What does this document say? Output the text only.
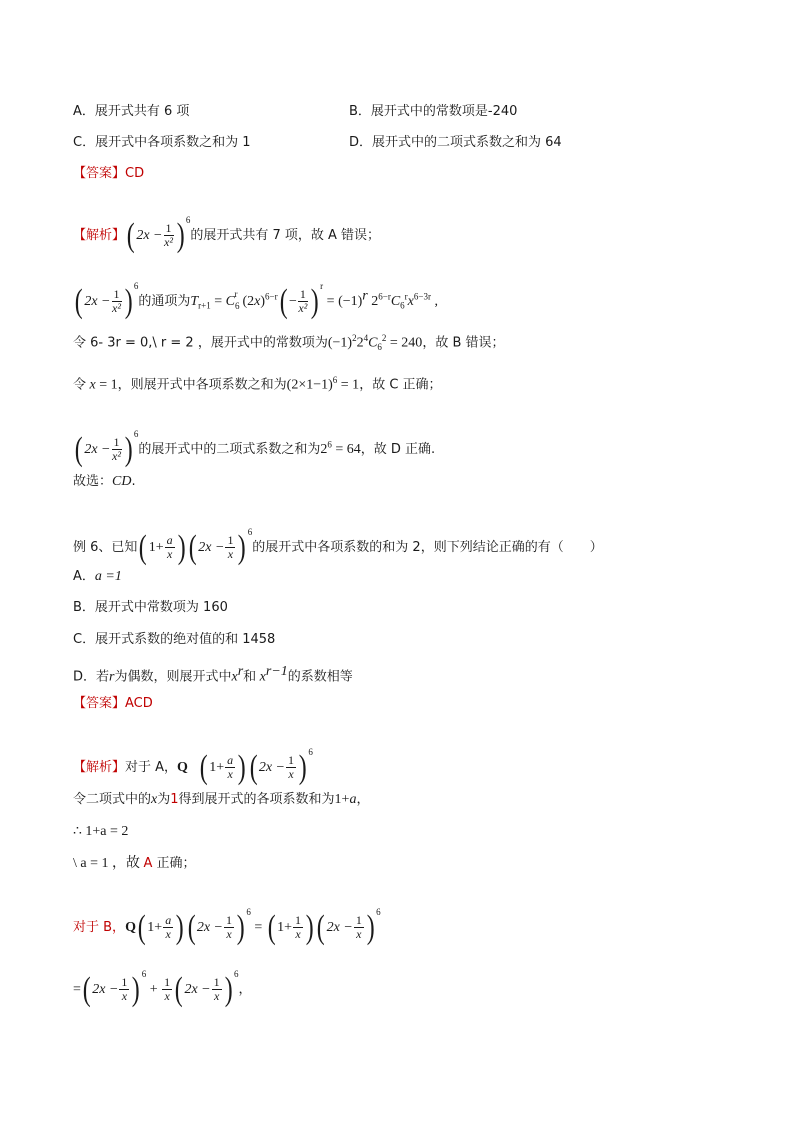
A．展开式共有 6 项	B．展开式中的常数项是-240
C．展开式中各项系数之和为 1	D．展开式中的二项式系数之和为 64
【答案】CD
【解析】( $2x - \frac{1}{\text{x²}}$ ) $^6$的展开式共有 7 项，故 A 错误；
( $2x - \frac{1}{\text{x²}}$ ) $^6$的通项为$T_{r+1} = C_6^r$ $(2x)^{6-r}( - \frac{1}{\text{x²}}$ ) $^r = (-1)^r$ $2^{6-r}C_6^rx^{6-3r}$ ,
令 6- 3r = 0,\ r = 2 ，展开式中的常数项为$(-1)^22^4C_6^2 = 240$，故 B 错误；
令 x = 1，则展开式中各项系数之和为$(2\times 1-1)^6 = 1$，故 C 正确；
( $2x - \frac{1}{\text{x²}}$ ) $^6$的展开式中的二项式系数之和为$2^6 = 64$，故 D 正确.
故选：CD.
例 6、已知( $1+ \frac{a}{x}$ )( $2x - \frac{1}{x}$ ) $^6$的展开式中各项系数的和为 2，则下列结论正确的有（　　）
A．a =1
B．展开式中常数项为 160
C．展开式系数的绝对值的和 1458
D．若r为偶数，则展开式中$x^r$和 $x^{r-1}$的系数相等
【答案】ACD
【解析】对于 A，Q ( $1+ \frac{a}{x}$ )( $2x - \frac{1}{x}$ ) $^6$
令二项式中的x为1得到展开式的各项系数和为1+a，
∴ 1+a = 2
\ a = 1 ，故 A 正确；
对于 B，Q( $1+ \frac{a}{x}$ )( $2x - \frac{1}{x}$ ) $^6$ = ( $1+ \frac{1}{x}$ )( $2x - \frac{1}{x}$ ) $^6$
=( $2x - \frac{1}{x}$ ) $^6 + \frac{1}{x}$ ( $2x - \frac{1}{x}$ ) $^6$，
